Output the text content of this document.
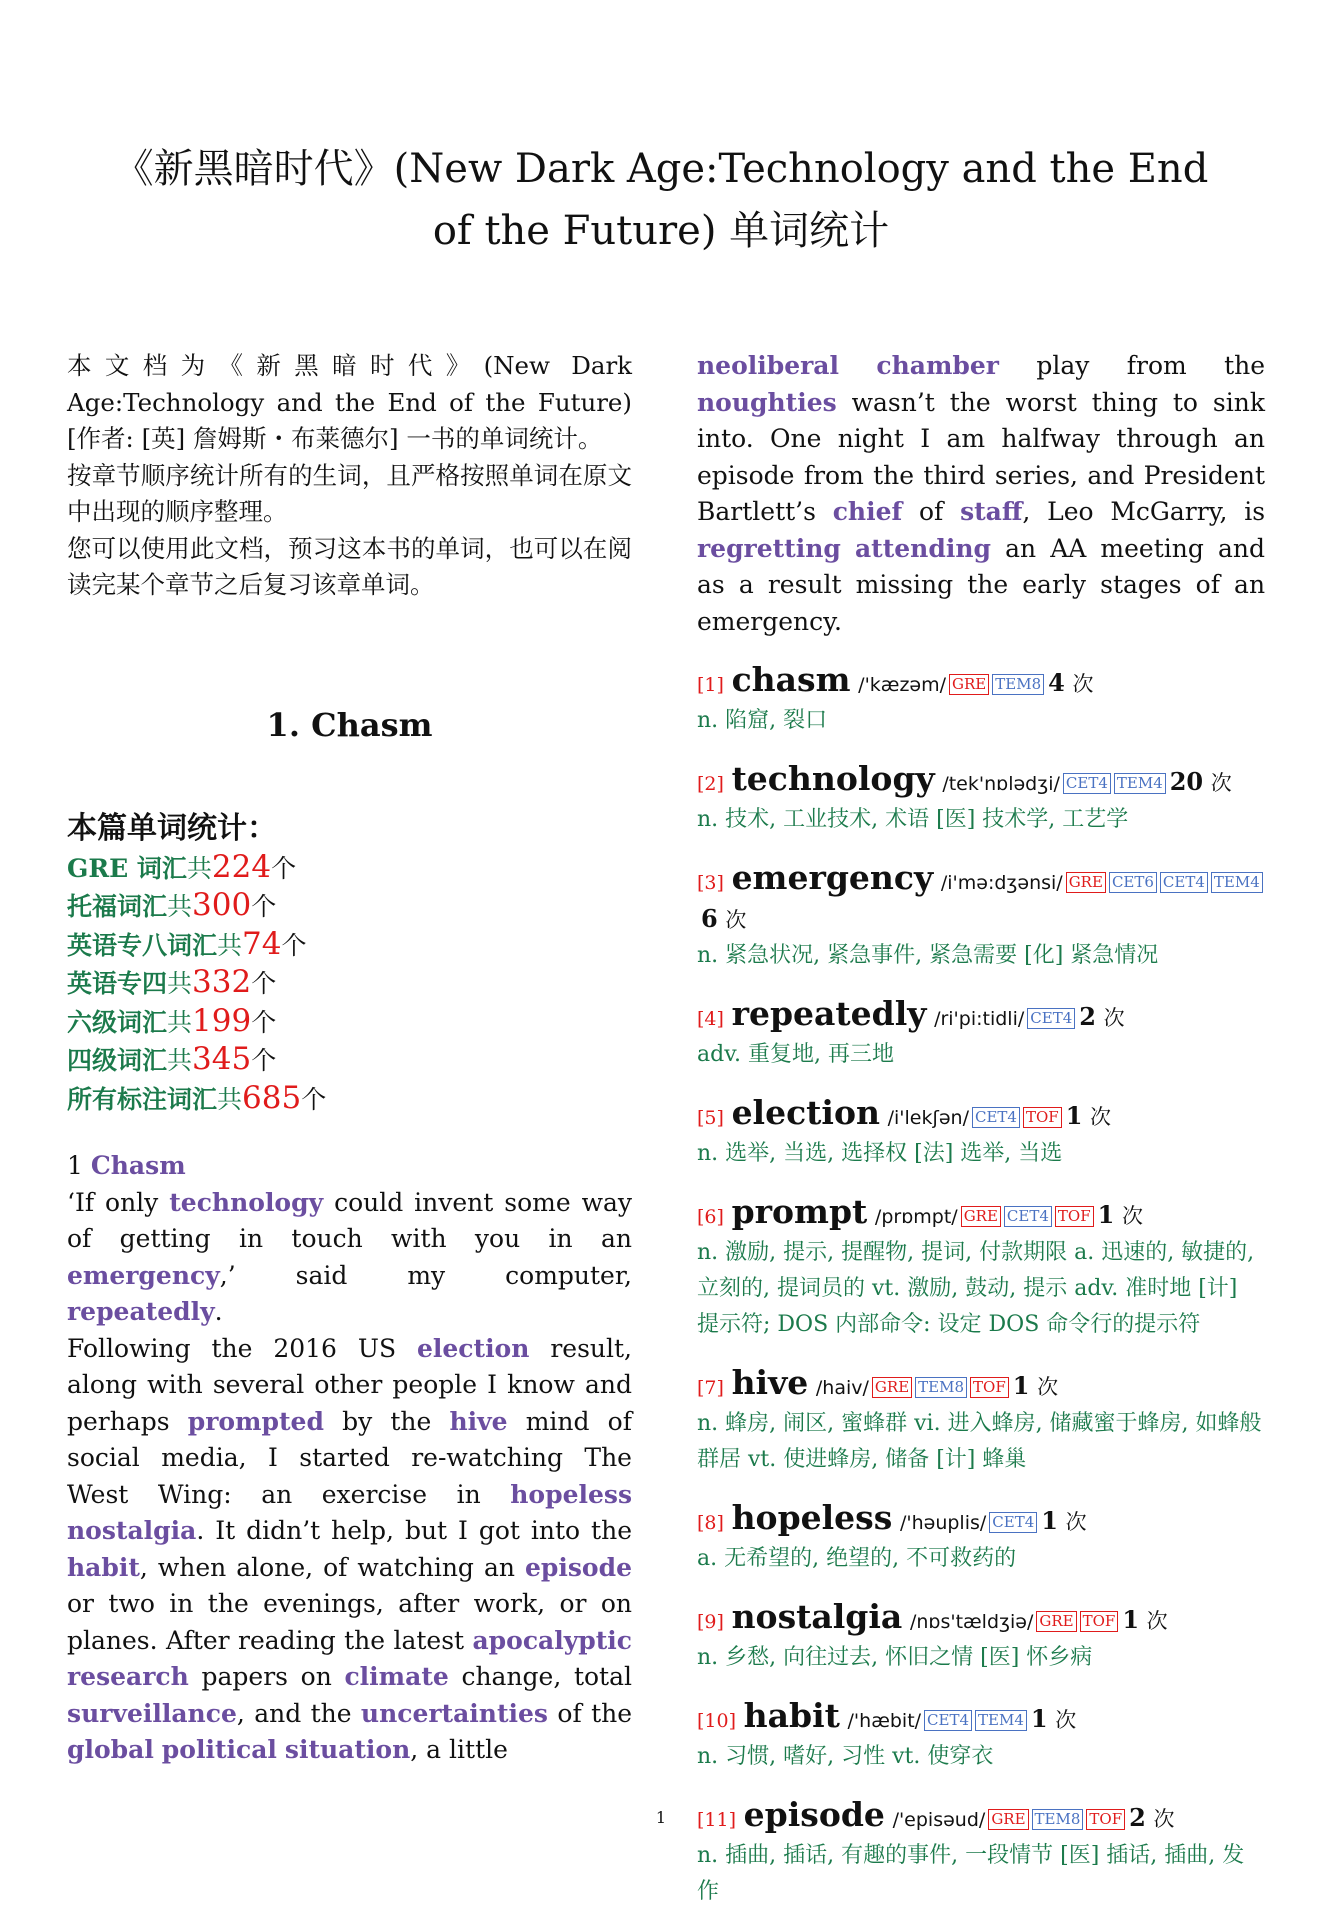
《新黑暗时代》(New Dark Age:Technology and the End of the Future) 单词统计
本文档为《新黑暗时代》(New Dark Age:Technology and the End of the Future)[作者: [英] 詹姆斯・布莱德尔] 一书的单词统计。
按章节顺序统计所有的生词，且严格按照单词在原文中出现的顺序整理。
您可以使用此文档，预习这本书的单词，也可以在阅读完某个章节之后复习该章单词。
1. Chasm
本篇单词统计：
GRE 词汇共224个
托福词汇共300个
英语专八词汇共74个
英语专四共332个
六级词汇共199个
四级词汇共345个
所有标注词汇共685个
1 Chasm

‘If only technology could invent some way of getting in touch with you in an emergency,’ said my computer, repeatedly.

Following the 2016 US election result, along with several other people I know and perhaps prompted by the hive mind of social media, I started re-watching The West Wing: an exercise in hopeless nostalgia. It didn’t help, but I got into the habit, when alone, of watching an episode or two in the evenings, after work, or on planes. After reading the latest apocalyptic research papers on climate change, total surveillance, and the uncertainties of the global political situation, a little

neoliberal chamber play from the noughties wasn’t the worst thing to sink into. One night I am halfway through an episode from the third series, and President Bartlett’s chief of staff, Leo McGarry, is regretting attending an AA meeting and as a result missing the early stages of an emergency.

[1] chasm /'kæzəm/ GRE TEM8 4 次
n. 陷窟, 裂口
[2] technology /tek'nɒlədʒi/ CET4 TEM4 20 次
n. 技术, 工业技术, 术语 [医] 技术学, 工艺学
[3] emergency /i'mə:dʒənsi/ GRE CET6 CET4 TEM46 次
n. 紧急状况, 紧急事件, 紧急需要 [化] 紧急情况
[4] repeatedly /ri'pi:tidli/ CET4 2 次
adv. 重复地, 再三地
[5] election /i'lekʃən/ CET4 TOF 1 次
n. 选举, 当选, 选择权 [法] 选举, 当选
[6] prompt /prɒmpt/ GRE CET4 TOF 1 次
n. 激励, 提示, 提醒物, 提词, 付款期限 a. 迅速的, 敏捷的, 立刻的, 提词员的 vt. 激励, 鼓动, 提示 adv. 准时地 [计] 提示符; DOS 内部命令: 设定 DOS 命令行的提示符
[7] hive /haiv/ GRE TEM8 TOF 1 次
n. 蜂房, 闹区, 蜜蜂群 vi. 进入蜂房, 储藏蜜于蜂房, 如蜂般群居 vt. 使进蜂房, 储备 [计] 蜂巢
[8] hopeless /'həuplis/ CET4 1 次
a. 无希望的, 绝望的, 不可救药的
[9] nostalgia /nɒs'tældʒiə/ GRE TOF 1 次
n. 乡愁, 向往过去, 怀旧之情 [医] 怀乡病
[10] habit /'hæbit/ CET4 TEM4 1 次
n. 习惯, 嗜好, 习性 vt. 使穿衣
[11] episode /'episəud/ GRE TEM8 TOF 2 次
n. 插曲, 插话, 有趣的事件, 一段情节 [医] 插话, 插曲, 发作
1
